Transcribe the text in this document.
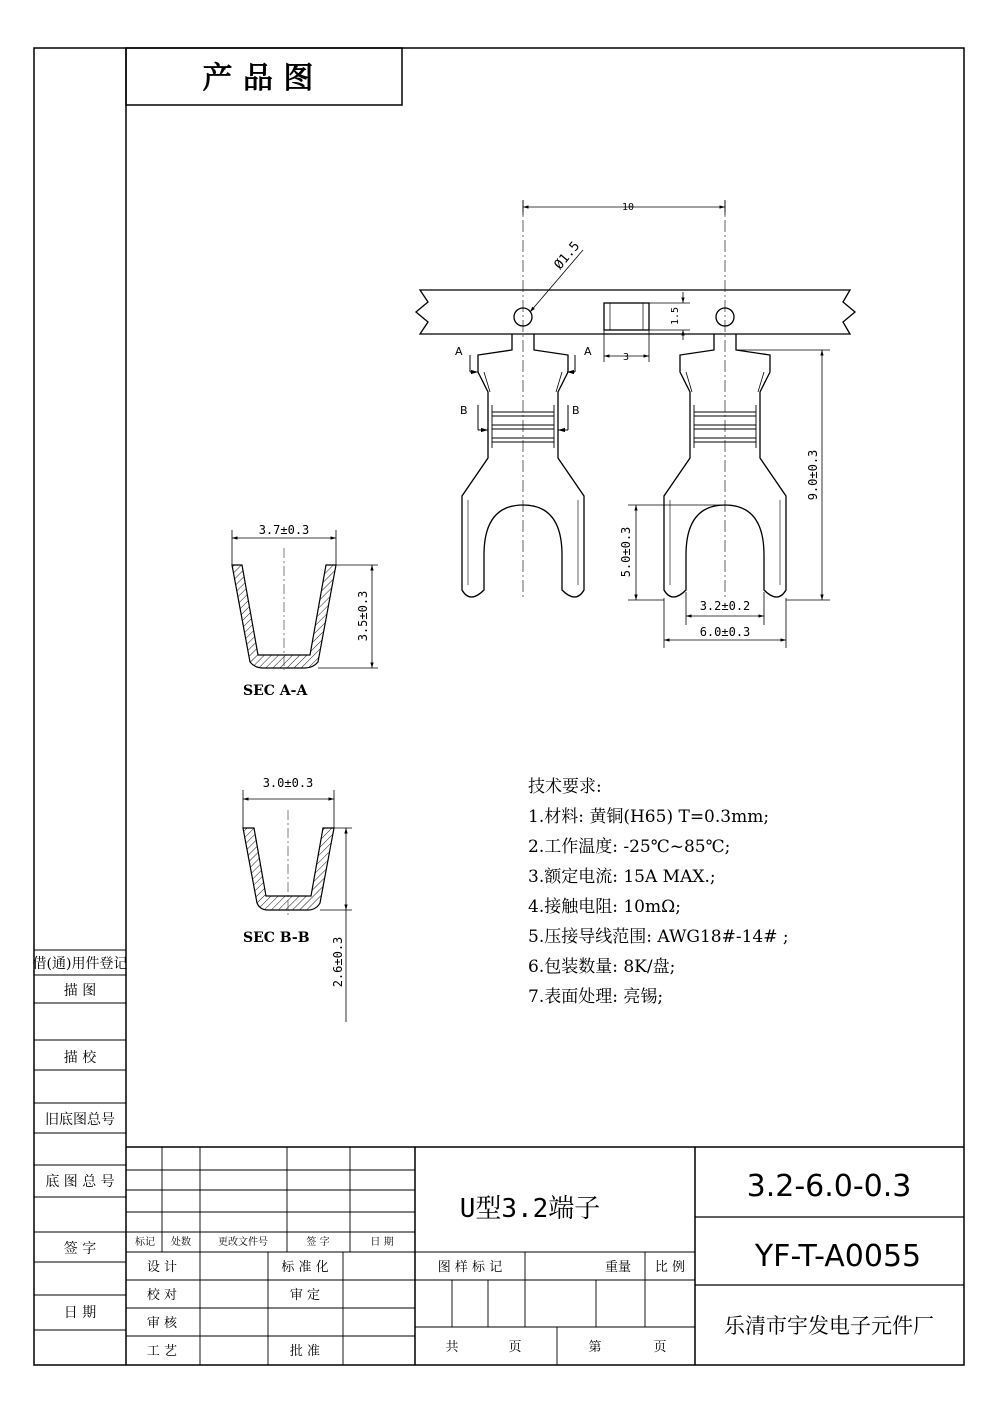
产 品 图
借(通)用件登记
描 图
描 校
旧底图总号
底 图 总 号
签 字
日 期
A	A
B	B
10
Ø1.5
1.5
3
9.0±0.3
5.0±0.3
3.2±0.2
6.0±0.3
3.7±0.3
3.5±0.3
SEC A-A
3.0±0.3
2.6±0.3
SEC B-B
技术要求:
1.材料: 黄铜(H65) T=0.3mm;
2.工作温度: -25℃~85℃;
3.额定电流: 15A MAX.;
4.接触电阻: 10mΩ;
5.压接导线范围: AWG18#-14# ;
6.包装数量: 8K/盘;
7.表面处理: 亮锡;
标记 处数	更改文件号	签 字	日 期
设 计	标 准 化
校 对	审 定
审 核
工 艺	批 准
U型3.2端子
图 样 标 记	重量 比 例
共	页	第	页
3.2-6.0-0.3
YF-T-A0055
乐清市宇发电子元件厂
